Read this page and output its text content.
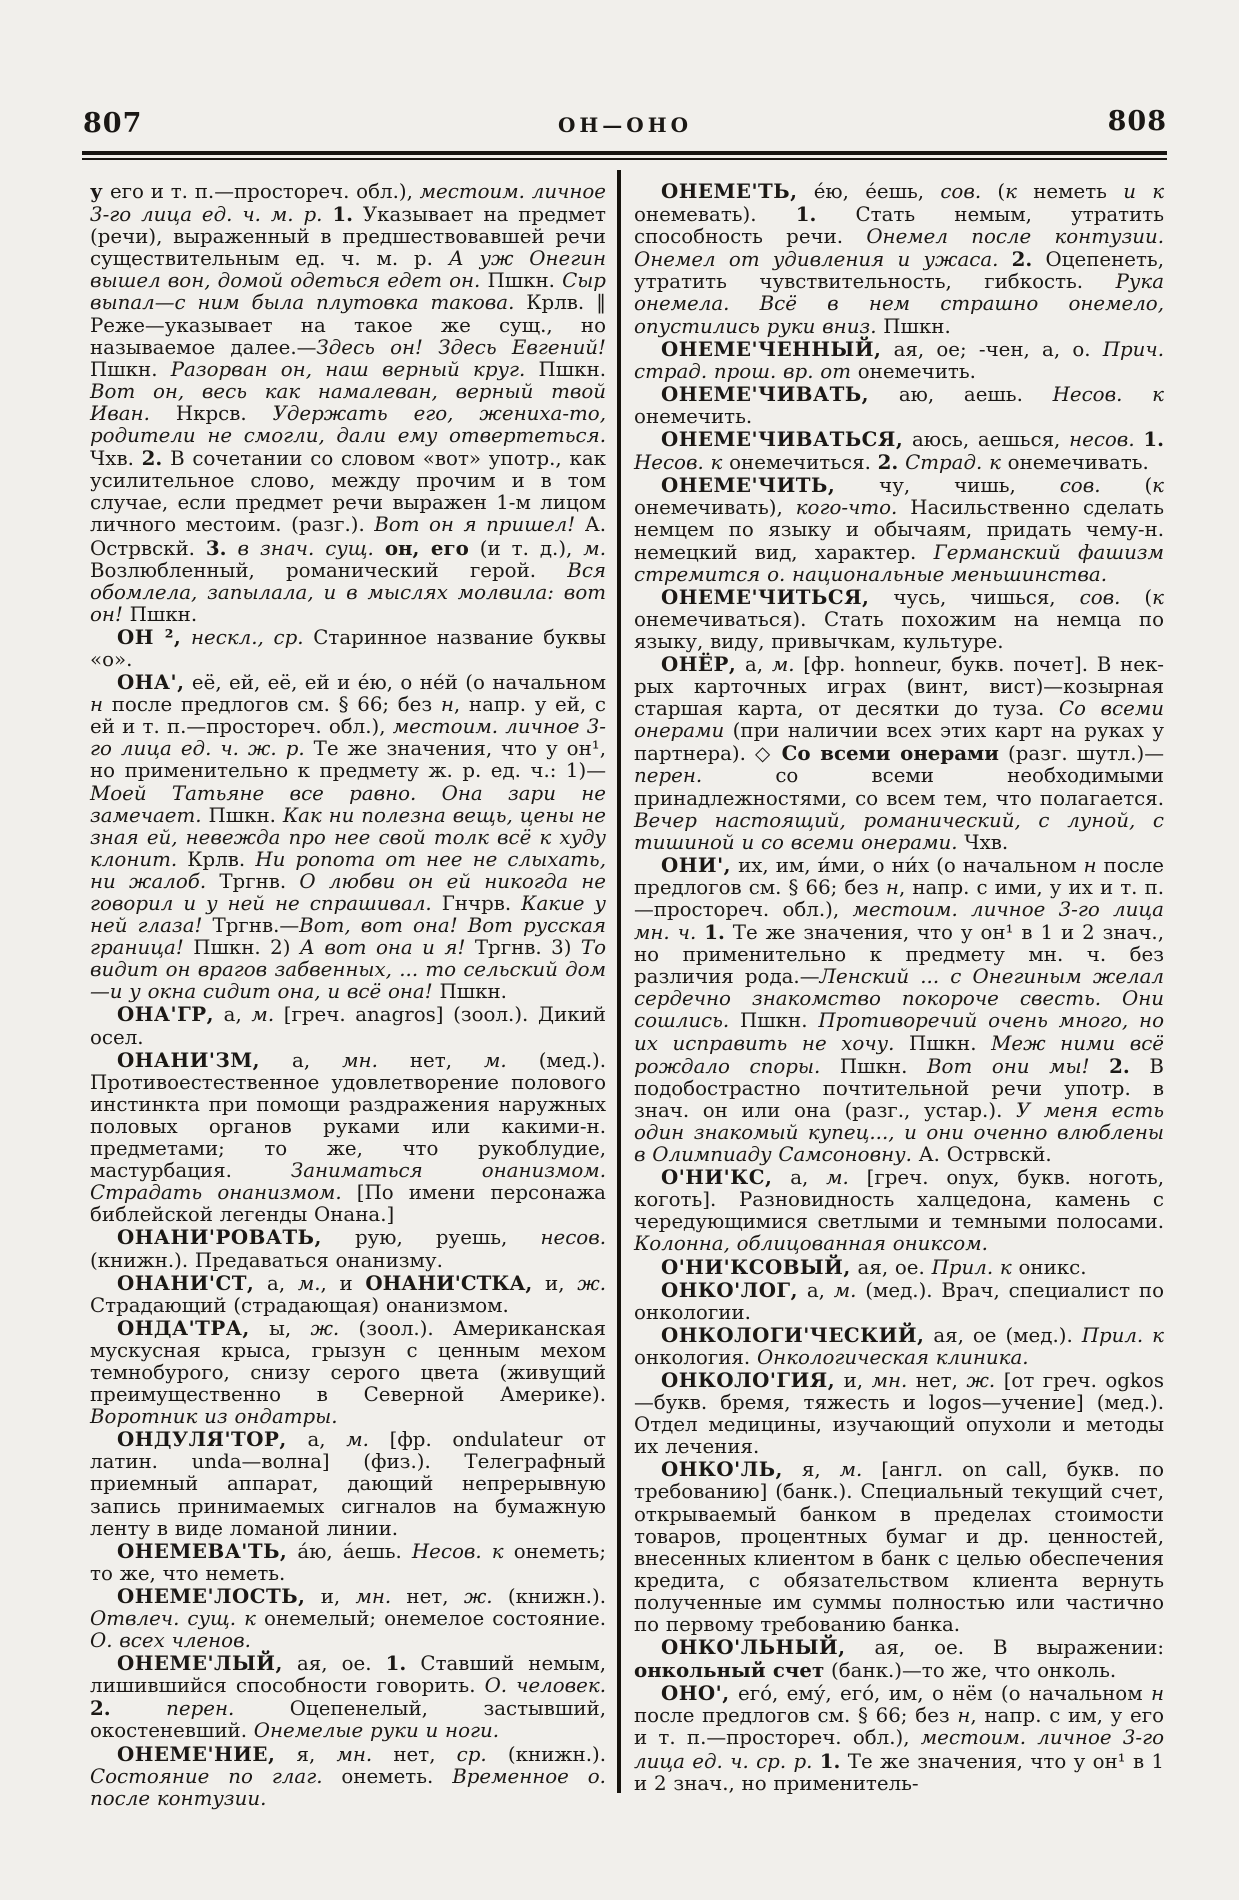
807	ОН—ОНО	808

у его и т. п.—простореч. обл.), местоим. личное 3-го лица ед. ч. м. р. 1. Указывает на предмет (речи), выраженный в предшествовавшей речи существительным ед. ч. м. р. А уж Онегин вышел вон, домой одеться едет он. Пшкн. Сыр выпал—с ним была плутовка такова. Крлв. ‖ Реже—указывает на такое же сущ., но называемое далее.—Здесь он! Здесь Евгений! Пшкн. Разорван он, наш верный круг. Пшкн. Вот он, весь как намалеван, верный твой Иван. Нкрсв. Удержать его, жениха-то, родители не смогли, дали ему отвертеться. Чхв. 2. В сочетании со словом «вот» употр., как усилительное слово, между прочим и в том случае, если предмет речи выражен 1-м лицом личного местоим. (разг.). Вот он я пришел! А. Острвскй. 3. в знач. сущ. он, его (и т. д.), м. Возлюбленный, романический герой. Вся обомлела, запылала, и в мыслях молвила: вот он! Пшкн.

ОН ², нескл., ср. Старинное название буквы «о».

ОНА', её, ей, её, ей и е́ю, о не́й (о начальном н после предлогов см. § 66; без н, напр. у ей, с ей и т. п.—простореч. обл.), местоим. личное 3-го лица ед. ч. ж. р. Те же значения, что у он¹, но применительно к предмету ж. р. ед. ч.: 1)—Моей Татьяне все равно. Она зари не замечает. Пшкн. Как ни полезна вещь, цены не зная ей, невежда про нее свой толк всё к худу клонит. Крлв. Ни ропота от нее не слыхать, ни жалоб. Тргнв. О любви он ей никогда не говорил и у ней не спрашивал. Гнчрв. Какие у ней глаза! Тргнв.—Вот, вот она! Вот русская граница! Пшкн. 2) А вот она и я! Тргнв. 3) То видит он врагов забвенных, ... то сельский дом—и у окна сидит она, и всё она! Пшкн.

ОНА'ГР, а, м. [греч. anagros] (зоол.). Дикий осел.

ОНАНИ'ЗМ, а, мн. нет, м. (мед.). Противоестественное удовлетворение полового инстинкта при помощи раздражения наружных половых органов руками или какими-н. предметами; то же, что рукоблудие, мастурбация. Заниматься онанизмом. Страдать онанизмом. [По имени персонажа библейской легенды Онана.]

ОНАНИ'РОВАТЬ, рую, руешь, несов. (книжн.). Предаваться онанизму.

ОНАНИ'СТ, а, м., и ОНАНИ'СТКА, и, ж. Страдающий (страдающая) онанизмом.

ОНДА'ТРА, ы, ж. (зоол.). Американская мускусная крыса, грызун с ценным мехом темнобурого, снизу серого цвета (живущий преимущественно в Северной Америке). Воротник из ондатры.

ОНДУЛЯ'ТОР, а, м. [фр. ondulateur от латин. unda—волна] (физ.). Телеграфный приемный аппарат, дающий непрерывную запись принимаемых сигналов на бумажную ленту в виде ломаной линии.

ОНЕМЕВА'ТЬ, а́ю, а́ешь. Несов. к онеметь; то же, что неметь.

ОНЕМЕ'ЛОСТЬ, и, мн. нет, ж. (книжн.). Отвлеч. сущ. к онемелый; онемелое состояние. О. всех членов.

ОНЕМЕ'ЛЫЙ, ая, ое. 1. Ставший немым, лишившийся способности говорить. О. человек. 2.	перен. Оцепенелый, застывший, окостеневший. Онемелые руки и ноги.

ОНЕМЕ'НИЕ, я, мн. нет, ср. (книжн.). Состояние по глаг. онеметь. Временное о. после контузии.

ОНЕМЕ'ТЬ, е́ю, е́ешь, сов. (к неметь и к онемевать). 1. Стать немым, утратить способность речи. Онемел после контузии. Онемел от удивления и ужаса. 2. Оцепенеть, утратить чувствительность, гибкость. Рука онемела. Всё в нем страшно онемело, опустились руки вниз. Пшкн.

ОНЕМЕ'ЧЕННЫЙ, ая, ое; -чен, а, о. Прич. страд. прош. вр. от онемечить.

ОНЕМЕ'ЧИВАТЬ, аю, аешь. Несов. к онемечить.

ОНЕМЕ'ЧИВАТЬСЯ, аюсь, аешься, несов. 1. Несов. к онемечиться. 2. Страд. к онемечивать.

ОНЕМЕ'ЧИТЬ, чу, чишь, сов. (к онемечивать), кого-что. Насильственно сделать немцем по языку и обычаям, придать чему-н. немецкий вид, характер. Германский фашизм стремится о. национальные меньшинства.

ОНЕМЕ'ЧИТЬСЯ, чусь, чишься, сов. (к онемечиваться). Стать похожим на немца по языку, виду, привычкам, культуре.

ОНЁР, а, м. [фр. honneur, букв. почет]. В нек-рых карточных играх (винт, вист)—козырная старшая карта, от десятки до туза. Со всеми онерами (при наличии всех этих карт на руках у партнера). ◇ Со всеми онерами (разг. шутл.)—перен. со всеми необходимыми принадлежностями, со всем тем, что полагается. Вечер настоящий, романический, с луной, с тишиной и со всеми онерами. Чхв.

ОНИ', их, им, и́ми, о ни́х (о начальном н после предлогов см. § 66; без н, напр. с ими, у их и т. п.—простореч. обл.), местоим. личное 3-го лица мн. ч. 1. Те же значения, что у он¹ в 1 и 2 знач., но применительно к предмету мн. ч. без различия рода.—Ленский ... с Онегиным желал сердечно знакомство покороче свесть. Они сошлись. Пшкн. Противоречий очень много, но их исправить не хочу. Пшкн. Меж ними всё рождало споры. Пшкн. Вот они мы! 2. В подобострастно почтительной речи употр. в знач. он или она (разг., устар.). У меня есть один знакомый купец..., и они оченно влюблены в Олимпиаду Самсоновну. А. Острвскй.

О'НИ'КС, а, м. [греч. onyx, букв. ноготь, коготь]. Разновидность халцедона, камень с чередующимися светлыми и темными полосами. Колонна, облицованная ониксом.

О'НИ'КСОВЫЙ, ая, ое. Прил. к оникс.

ОНКО'ЛОГ, а, м. (мед.). Врач, специалист по онкологии.

ОНКОЛОГИ'ЧЕСКИЙ, ая, ое (мед.). Прил. к онкология. Онкологическая клиника.

ОНКОЛО'ГИЯ, и, мн. нет, ж. [от греч. ogkos—букв. бремя, тяжесть и logos—учение] (мед.). Отдел медицины, изучающий опухоли и методы их лечения.

ОНКО'ЛЬ, я, м. [англ. on call, букв. по требованию] (банк.). Специальный текущий счет, открываемый банком в пределах стоимости товаров, процентных бумаг и др. ценностей, внесенных клиентом в банк с целью обеспечения кредита, с обязательством клиента вернуть полученные им суммы полностью или частично по первому требованию банка.

ОНКО'ЛЬНЫЙ, ая, ое. В выражении: онкольный счет (банк.)—то же, что онколь.

ОНО', его́, ему́, его́, им, о нём (о начальном н после предлогов см. § 66; без н, напр. с им, у его и т. п.—простореч. обл.), местоим. личное 3-го лица ед. ч. ср. р. 1. Те же значения, что у он¹ в 1 и 2 знач., но применитель-
